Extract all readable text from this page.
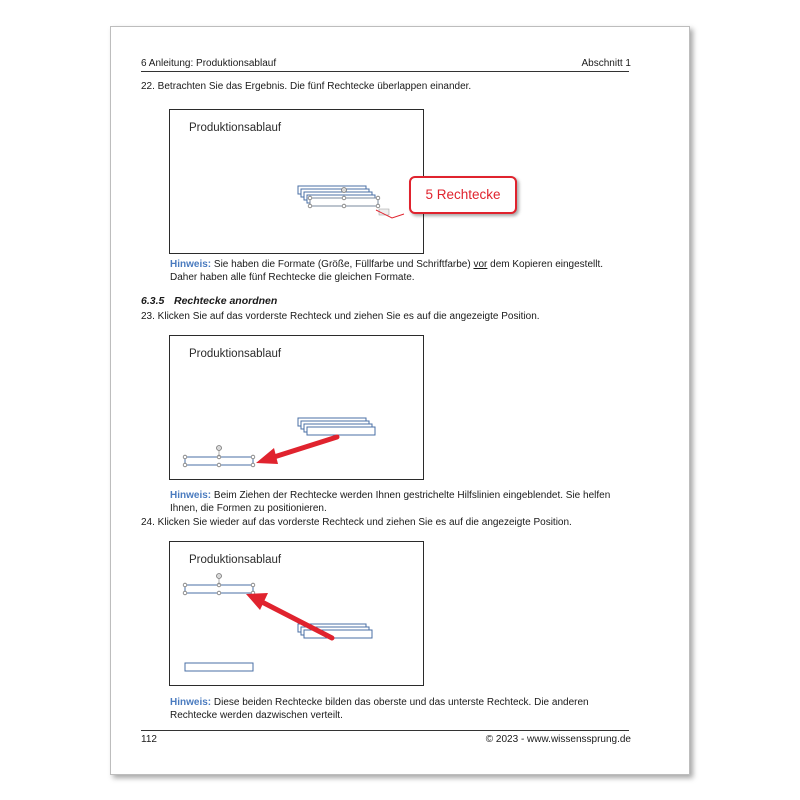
6 Anleitung: Produktionsablauf	Abschnitt 1
22. Betrachten Sie das Ergebnis. Die fünf Rechtecke überlappen einander.
Produktionsablauf
Hinweis: Sie haben die Formate (Größe, Füllfarbe und Schriftfarbe) vor dem Kopieren eingestellt. Daher haben alle fünf Rechtecke die gleichen Formate.
6.3.5 Rechtecke anordnen
23. Klicken Sie auf das vorderste Rechteck und ziehen Sie es auf die angezeigte Position.
Produktionsablauf
Hinweis: Beim Ziehen der Rechtecke werden Ihnen gestrichelte Hilfslinien eingeblendet. Sie helfen Ihnen, die Formen zu positionieren.
24. Klicken Sie wieder auf das vorderste Rechteck und ziehen Sie es auf die angezeigte Position.
Produktionsablauf
Hinweis: Diese beiden Rechtecke bilden das oberste und das unterste Rechteck. Die anderen Rechtecke werden dazwischen verteilt.
112	© 2023 - www.wissenssprung.de
5 Rechtecke
